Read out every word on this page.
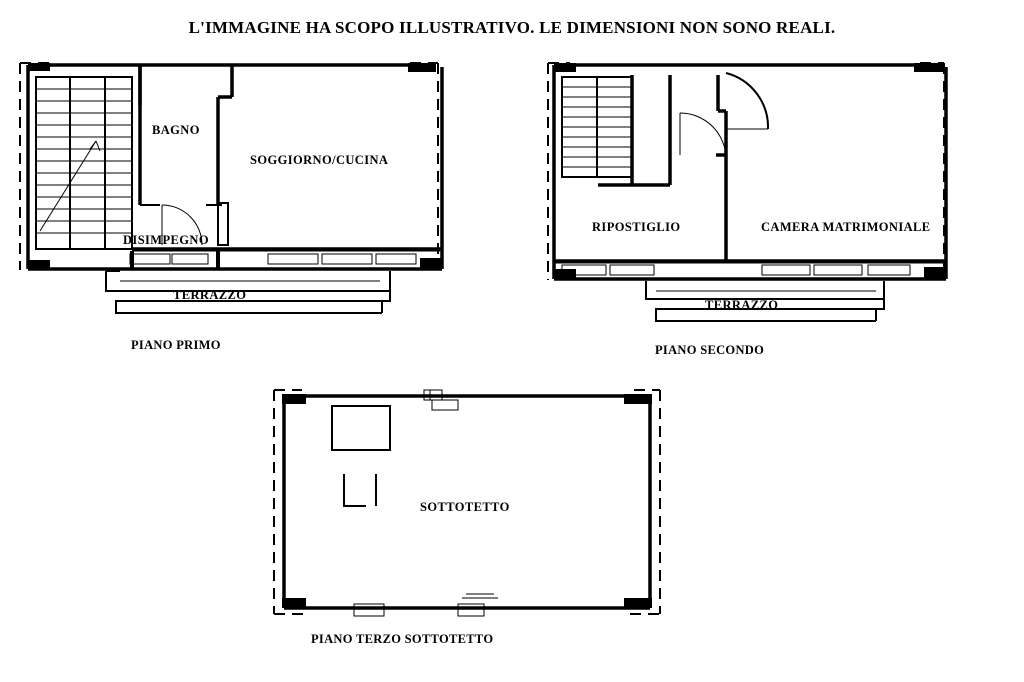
L'IMMAGINE HA SCOPO ILLUSTRATIVO. LE DIMENSIONI NON SONO REALI.
BAGNO
SOGGIORNO/CUCINA
DISIMPEGNO
TERRAZZO
PIANO PRIMO
RIPOSTIGLIO	CAMERA MATRIMONIALE
TERRAZZO
PIANO SECONDO
SOTTOTETTO
PIANO TERZO SOTTOTETTO
